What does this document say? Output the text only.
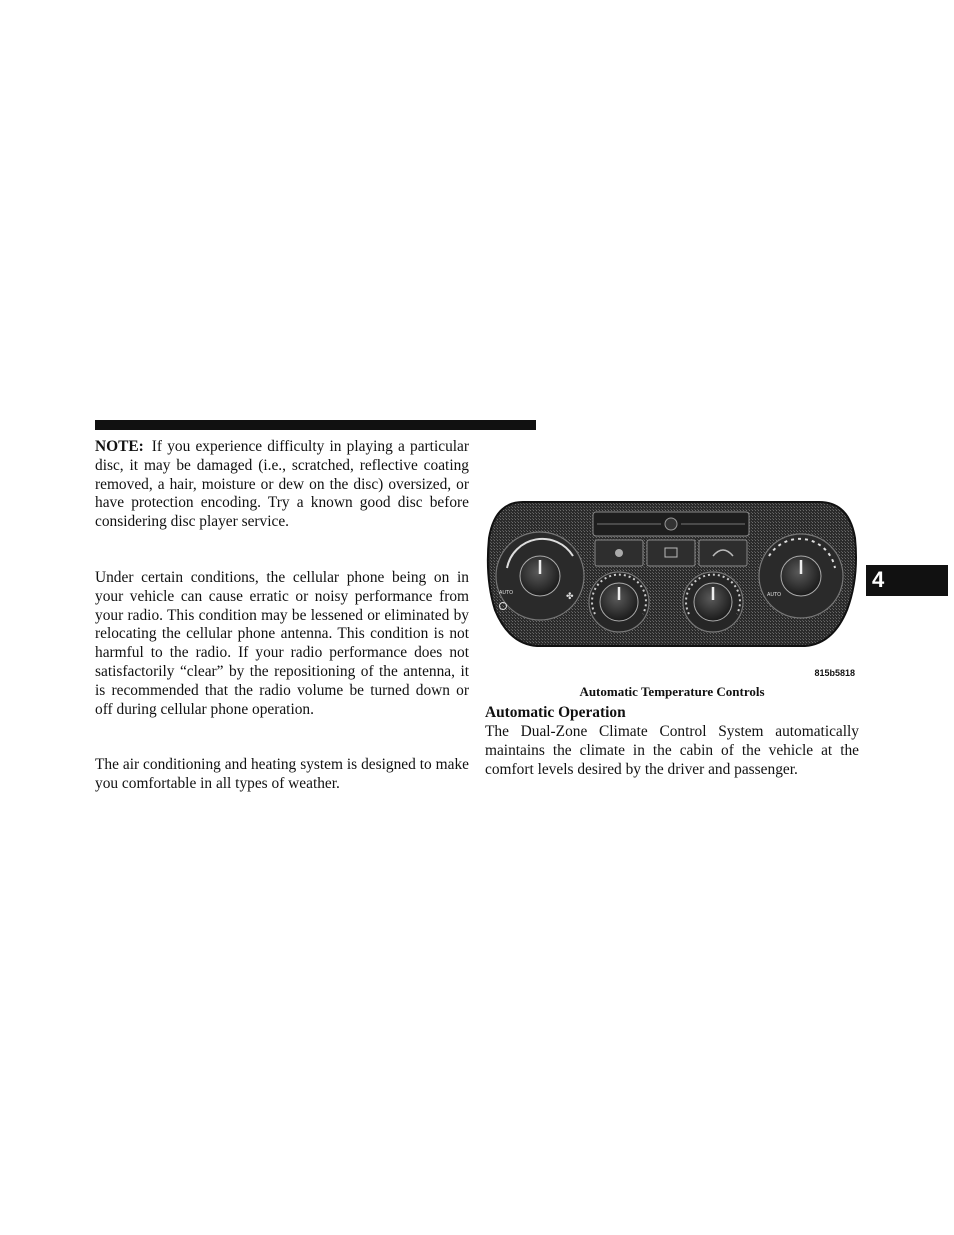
NOTE: If you experience difficulty in playing a particular disc, it may be damaged (i.e., scratched, reflective coating removed, a hair, moisture or dew on the disc) oversized, or have protection encoding. Try a known good disc before considering disc player service.

Under certain conditions, the cellular phone being on in your vehicle can cause erratic or noisy performance from your radio. This condition may be lessened or eliminated by relocating the cellular phone antenna. This condition is not harmful to the radio. If your radio performance does not satisfactorily “clear” by the repositioning of the antenna, it is recommended that the radio volume be turned down or off during cellular phone operation.

The air conditioning and heating system is designed to make you comfortable in all types of weather.

AUTO	✤	AUTO
815b5818
Automatic Temperature Controls
Automatic Operation

The Dual-Zone Climate Control System automatically maintains the climate in the cabin of the vehicle at the comfort levels desired by the driver and passenger.

4
